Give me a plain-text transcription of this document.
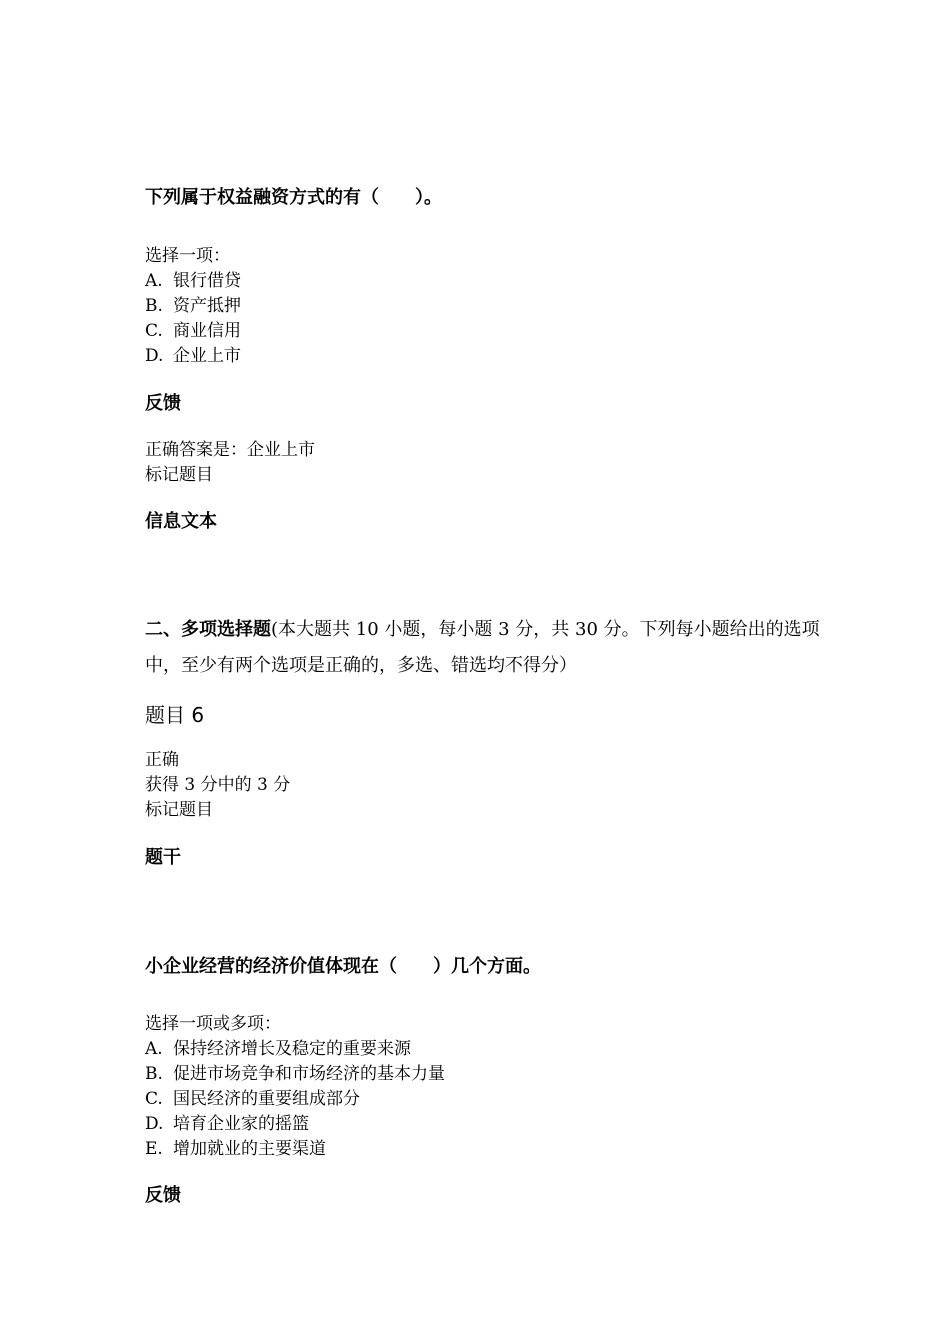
下列属于权益融资方式的有（　　）。
选择一项：
A. 银行借贷
B. 资产抵押
C. 商业信用
D. 企业上市
反馈
正确答案是：企业上市
标记题目
信息文本
二、多项选择题(本大题共 10 小题，每小题 3 分，共 30 分。下列每小题给出的选项中，至少有两个选项是正确的，多选、错选均不得分）
题目 6
正确
获得 3 分中的 3 分
标记题目
题干
小企业经营的经济价值体现在（　　）几个方面。
选择一项或多项：
A. 保持经济增长及稳定的重要来源
B. 促进市场竞争和市场经济的基本力量
C. 国民经济的重要组成部分
D. 培育企业家的摇篮
E. 增加就业的主要渠道
反馈
